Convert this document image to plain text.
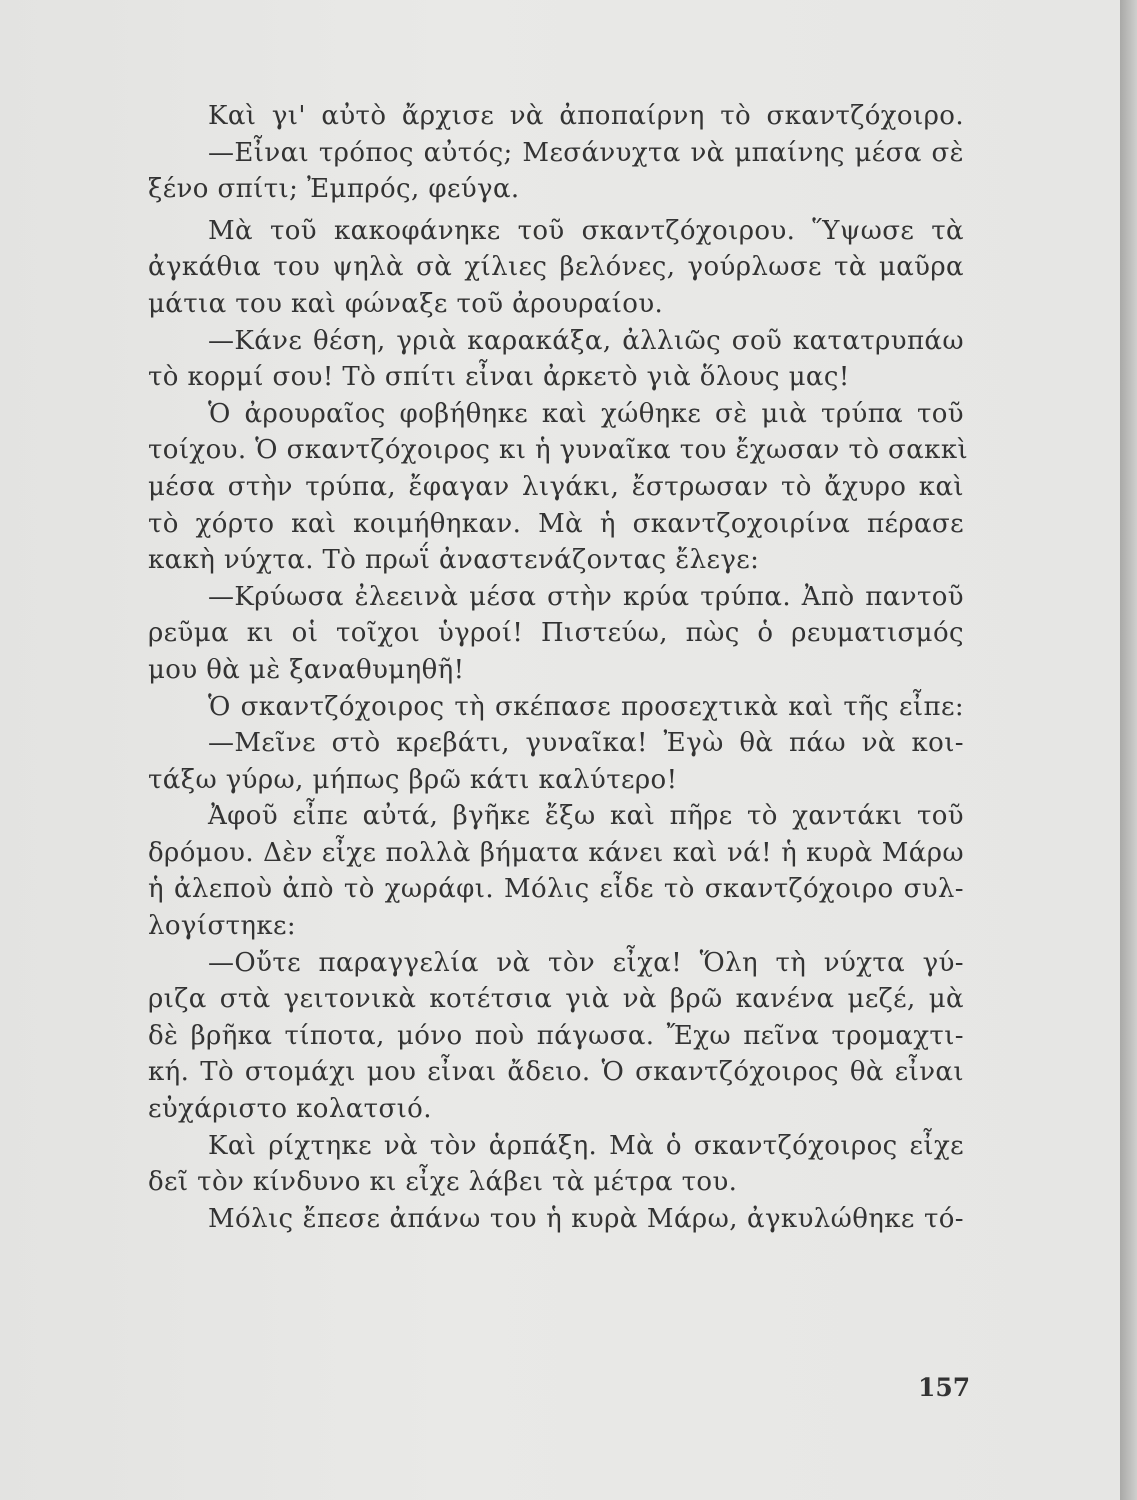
Καὶ γι' αὐτὸ ἄρχισε νὰ ἀποπαίρνη τὸ σκαντζόχοιρο.
—Εἶναι τρόπος αὐτός; Μεσάνυχτα νὰ μπαίνης μέσα σὲ
ξένο σπίτι; Ἐμπρός, φεύγα.
Μὰ τοῦ κακοφάνηκε τοῦ σκαντζόχοιρου. Ὕψωσε τὰ
ἀγκάθια του ψηλὰ σὰ χίλιες βελόνες, γούρλωσε τὰ μαῦρα
μάτια του καὶ φώναξε τοῦ ἀρουραίου.
—Κάνε θέση, γριὰ καρακάξα, ἀλλιῶς σοῦ κατατρυπάω
τὸ κορμί σου! Τὸ σπίτι εἶναι ἀρκετὸ γιὰ ὅλους μας!
Ὁ ἀρουραῖος φοβήθηκε καὶ χώθηκε σὲ μιὰ τρύπα τοῦ
τοίχου. Ὁ σκαντζόχοιρος κι ἡ γυναῖκα του ἔχωσαν τὸ σακκὶ
μέσα στὴν τρύπα, ἔφαγαν λιγάκι, ἔστρωσαν τὸ ἄχυρο καὶ
τὸ χόρτο καὶ κοιμήθηκαν. Μὰ ἡ σκαντζοχοιρίνα πέρασε
κακὴ νύχτα. Τὸ πρωΐ ἀναστενάζοντας ἔλεγε:
—Κρύωσα ἐλεεινὰ μέσα στὴν κρύα τρύπα. Ἀπὸ παντοῦ
ρεῦμα κι οἱ τοῖχοι ὑγροί! Πιστεύω, πὼς ὁ ρευματισμός
μου θὰ μὲ ξαναθυμηθῆ!
Ὁ σκαντζόχοιρος τὴ σκέπασε προσεχτικὰ καὶ τῆς εἶπε:
—Μεῖνε στὸ κρεβάτι, γυναῖκα! Ἐγὼ θὰ πάω νὰ κοι-
τάξω γύρω, μήπως βρῶ κάτι καλύτερο!
Ἀφοῦ εἶπε αὐτά, βγῆκε ἔξω καὶ πῆρε τὸ χαντάκι τοῦ
δρόμου. Δὲν εἶχε πολλὰ βήματα κάνει καὶ νά! ἡ κυρὰ Μάρω
ἡ ἀλεποὺ ἀπὸ τὸ χωράφι. Μόλις εἶδε τὸ σκαντζόχοιρο συλ-
λογίστηκε:
—Οὔτε παραγγελία νὰ τὸν εἶχα! Ὅλη τὴ νύχτα γύ-
ριζα στὰ γειτονικὰ κοτέτσια γιὰ νὰ βρῶ κανένα μεζέ, μὰ
δὲ βρῆκα τίποτα, μόνο ποὺ πάγωσα. Ἔχω πεῖνα τρομαχτι-
κή. Τὸ στομάχι μου εἶναι ἄδειο. Ὁ σκαντζόχοιρος θὰ εἶναι
εὐχάριστο κολατσιό.
Καὶ ρίχτηκε νὰ τὸν ἁρπάξη. Μὰ ὁ σκαντζόχοιρος εἶχε
δεῖ τὸν κίνδυνο κι εἶχε λάβει τὰ μέτρα του.
Μόλις ἔπεσε ἀπάνω του ἡ κυρὰ Μάρω, ἀγκυλώθηκε τό-
157
